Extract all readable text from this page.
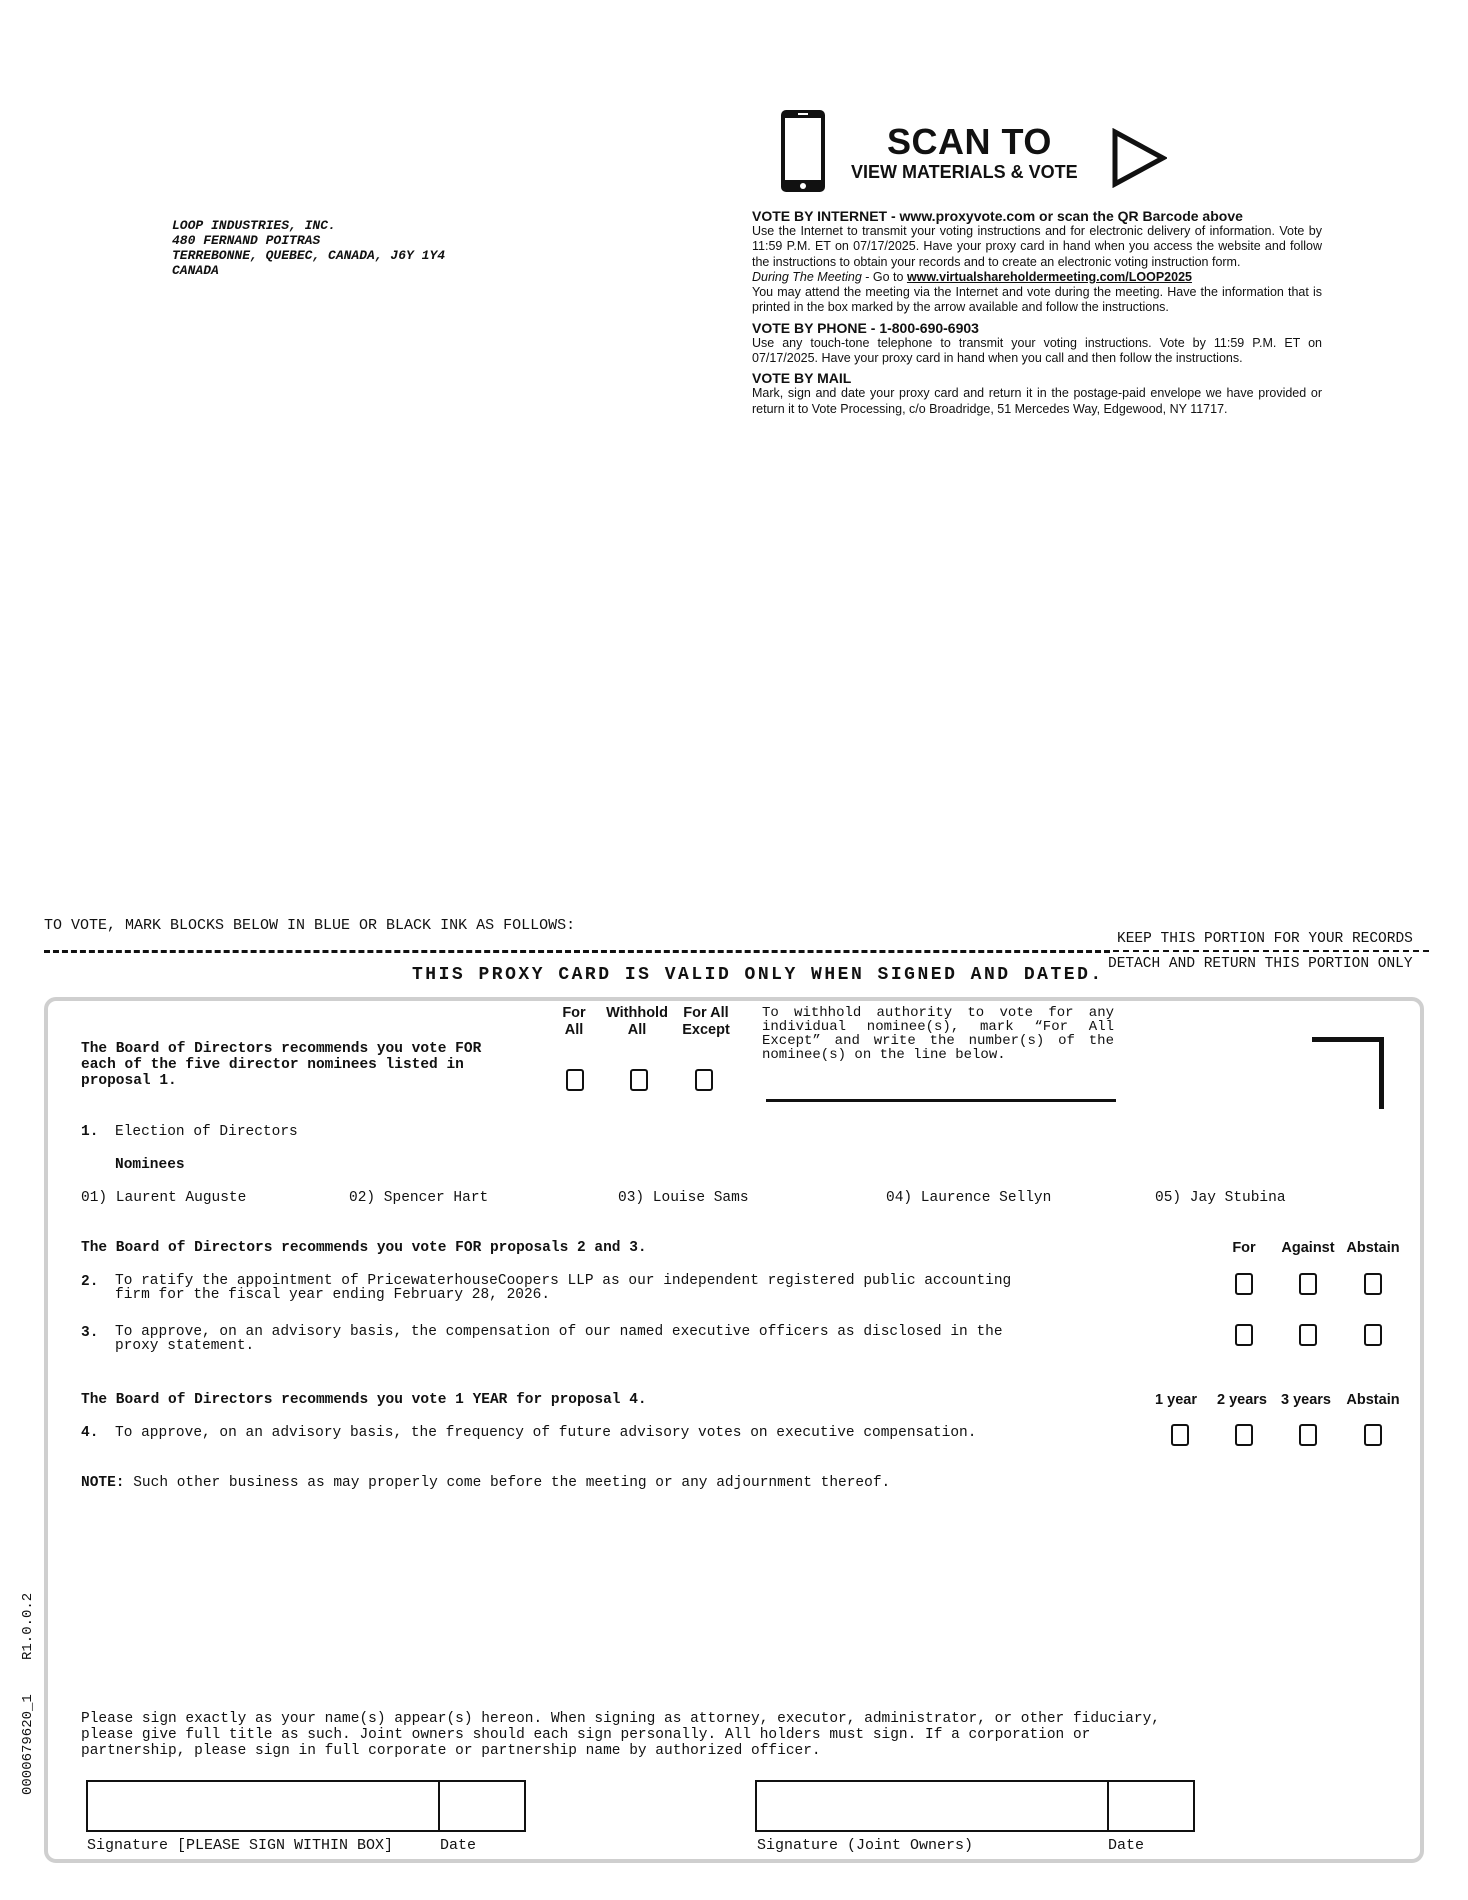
LOOP INDUSTRIES, INC.
480 FERNAND POITRAS
TERREBONNE, QUEBEC, CANADA, J6Y 1Y4
CANADA
SCAN TO
VIEW MATERIALS & VOTE
VOTE BY INTERNET - www.proxyvote.com or scan the QR Barcode above

Use the Internet to transmit your voting instructions and for electronic delivery of information. Vote by 11:59 P.M. ET on 07/17/2025. Have your proxy card in hand when you access the website and follow the instructions to obtain your records and to create an electronic voting instruction form.

During The Meeting - Go to www.virtualshareholdermeeting.com/LOOP2025

You may attend the meeting via the Internet and vote during the meeting. Have the information that is printed in the box marked by the arrow available and follow the instructions.

VOTE BY PHONE - 1-800-690-6903

Use any touch-tone telephone to transmit your voting instructions. Vote by 11:59 P.M. ET on 07/17/2025. Have your proxy card in hand when you call and then follow the instructions.

VOTE BY MAIL

Mark, sign and date your proxy card and return it in the postage-paid envelope we have provided or return it to Vote Processing, c/o Broadridge, 51 Mercedes Way, Edgewood, NY 11717.

TO VOTE, MARK BLOCKS BELOW IN BLUE OR BLACK INK AS FOLLOWS:
KEEP THIS PORTION FOR YOUR RECORDS
DETACH AND RETURN THIS PORTION ONLY
THIS PROXY CARD IS VALID ONLY WHEN SIGNED AND DATED.
The Board of Directors recommends you vote FOR each of the five director nominees listed in proposal 1.
For All
Withhold All
For All Except
To withhold authority to vote for any individual nominee(s), mark “For All Except” and write the number(s) of the nominee(s) on the line below.
1. Election of Directors
Nominees
01) Laurent Auguste	02) Spencer Hart	03) Louise Sams	04) Laurence Sellyn	05) Jay Stubina
The Board of Directors recommends you vote FOR proposals 2 and 3.	For	Against Abstain
2. To ratify the appointment of PricewaterhouseCoopers LLP as our independent registered public accounting firm for the fiscal year ending February 28, 2026.
3. To approve, on an advisory basis, the compensation of our named executive officers as disclosed in the proxy statement.
The Board of Directors recommends you vote 1 YEAR for proposal 4.	1 year	2 years 3 years	Abstain
4. To approve, on an advisory basis, the frequency of future advisory votes on executive compensation.
NOTE: Such other business as may properly come before the meeting or any adjournment thereof.
Please sign exactly as your name(s) appear(s) hereon. When signing as attorney, executor, administrator, or other fiduciary, please give full title as such. Joint owners should each sign personally. All holders must sign. If a corporation or partnership, please sign in full corporate or partnership name by authorized officer.
Signature [PLEASE SIGN WITHIN BOX]	Date	Signature (Joint Owners)	Date
0000679620_1
R1.0.0.2
